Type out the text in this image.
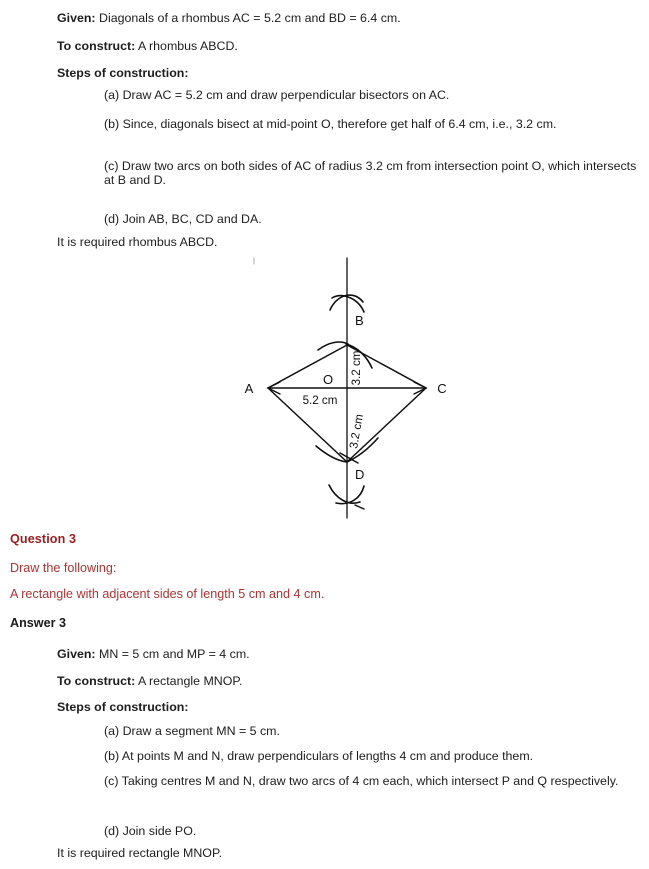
Given: Diagonals of a rhombus AC = 5.2 cm and BD = 6.4 cm.
To construct: A rhombus ABCD.
Steps of construction:
(a) Draw AC = 5.2 cm and draw perpendicular bisectors on AC.
(b) Since, diagonals bisect at mid-point O, therefore get half of 6.4 cm, i.e., 3.2 cm.
(c) Draw two arcs on both sides of AC of radius 3.2 cm from intersection point O, which intersects at B and D.
(d) Join AB, BC, CD and DA.
It is required rhombus ABCD.
A
B
C
D
O
5.2 cm
3.2 cm
3.2 cm
Question 3
Draw the following:
A rectangle with adjacent sides of length 5 cm and 4 cm.
Answer 3
Given: MN = 5 cm and MP = 4 cm.
To construct: A rectangle MNOP.
Steps of construction:
(a) Draw a segment MN = 5 cm.
(b) At points M and N, draw perpendiculars of lengths 4 cm and produce them.
(c) Taking centres M and N, draw two arcs of 4 cm each, which intersect P and Q respectively.
(d) Join side PO.
It is required rectangle MNOP.
